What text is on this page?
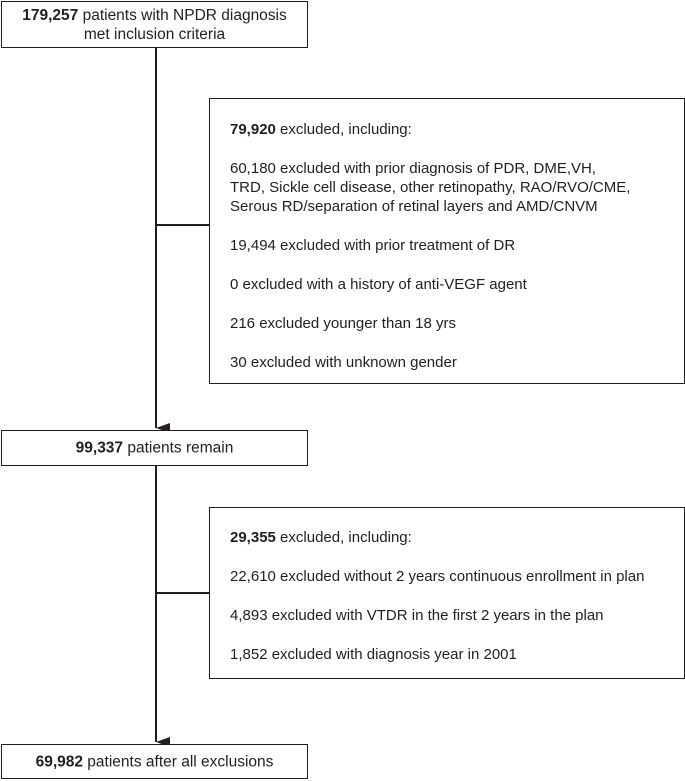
179,257 patients with NPDR diagnosis
met inclusion criteria

79,920 excluded, including:

60,180 excluded with prior diagnosis of PDR, DME,VH,
TRD, Sickle cell disease, other retinopathy, RAO/RVO/CME,
Serous RD/separation of retinal layers and AMD/CNVM

19,494 excluded with prior treatment of DR

0 excluded with a history of anti-VEGF agent

216 excluded younger than 18 yrs

30 excluded with unknown gender

99,337 patients remain

29,355 excluded, including:

22,610 excluded without 2 years continuous enrollment in plan

4,893 excluded with VTDR in the first 2 years in the plan

1,852 excluded with diagnosis year in 2001

69,982 patients after all exclusions
